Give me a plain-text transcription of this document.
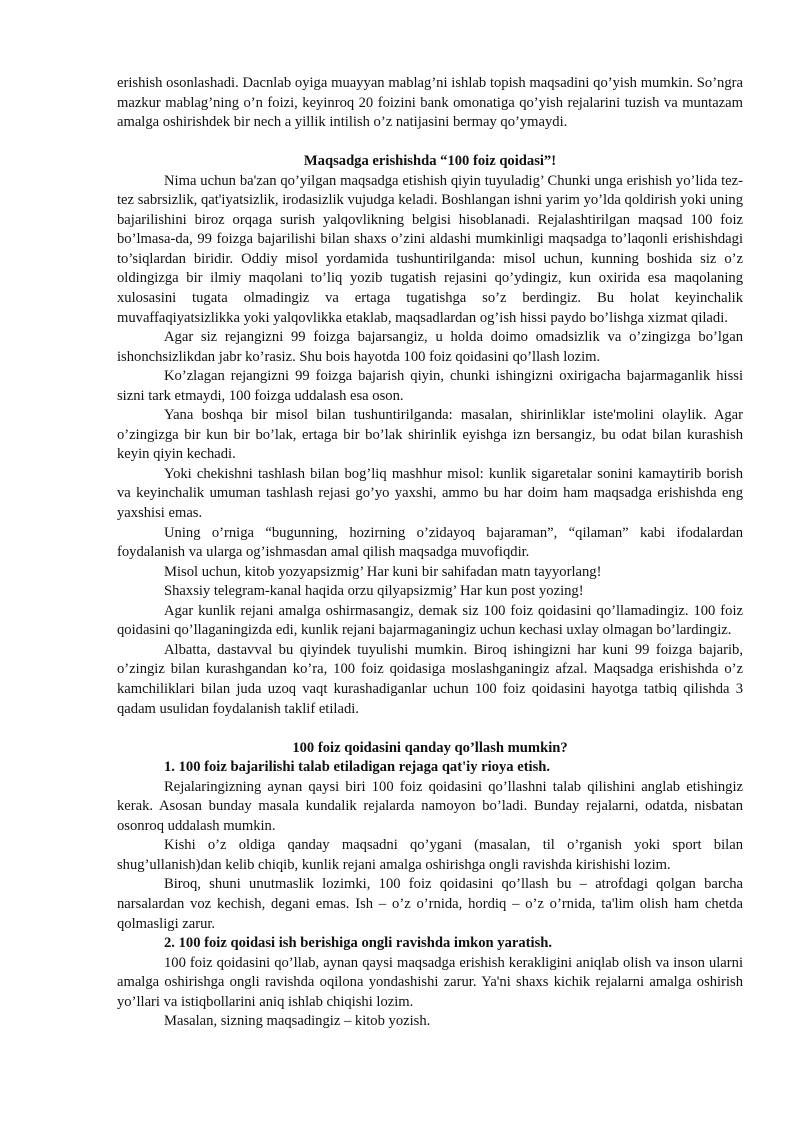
erishish osonlashadi. Dacnlab oyiga muayyan mablag’ni ishlab topish maqsadini qo’yish mumkin. So’ngra mazkur mablag’ning o’n foizi, keyinroq 20 foizini bank omonatiga qo’yish rejalarini tuzish va muntazam amalga oshirishdek bir nech a yillik intilish o’z natijasini bermay qo’ymaydi.

Maqsadga erishishda “100 foiz qoidasi”!

Nima uchun ba'zan qo’yilgan maqsadga etishish qiyin tuyuladig’ Chunki unga erishish yo’lida tez-tez sabrsizlik, qat'iyatsizlik, irodasizlik vujudga keladi. Boshlangan ishni yarim yo’lda qoldirish yoki uning bajarilishini biroz orqaga surish yalqovlikning belgisi hisoblanadi. Rejalashtirilgan maqsad 100 foiz bo’lmasa-da, 99 foizga bajarilishi bilan shaxs o’zini aldashi mumkinligi maqsadga to’laqonli erishishdagi to’siqlardan biridir. Oddiy misol yordamida tushuntirilganda: misol uchun, kunning boshida siz o’z oldingizga bir ilmiy maqolani to’liq yozib tugatish rejasini qo’ydingiz, kun oxirida esa maqolaning xulosasini tugata olmadingiz va ertaga tugatishga so’z berdingiz. Bu holat keyinchalik muvaffaqiyatsizlikka yoki yalqovlikka etaklab, maqsadlardan og’ish hissi paydo bo’lishga xizmat qiladi.

Agar siz rejangizni 99 foizga bajarsangiz, u holda doimo omadsizlik va o’zingizga bo’lgan ishonchsizlikdan jabr ko’rasiz. Shu bois hayotda 100 foiz qoidasini qo’llash lozim.

Ko’zlagan rejangizni 99 foizga bajarish qiyin, chunki ishingizni oxirigacha bajarmaganlik hissi sizni tark etmaydi, 100 foizga uddalash esa oson.

Yana boshqa bir misol bilan tushuntirilganda: masalan, shirinliklar iste'molini olaylik. Agar o’zingizga bir kun bir bo’lak, ertaga bir bo’lak shirinlik eyishga izn bersangiz, bu odat bilan kurashish keyin qiyin kechadi.

Yoki chekishni tashlash bilan bog’liq mashhur misol: kunlik sigaretalar sonini kamaytirib borish va keyinchalik umuman tashlash rejasi go’yo yaxshi, ammo bu har doim ham maqsadga erishishda eng yaxshisi emas.

Uning o’rniga “bugunning, hozirning o’zidayoq bajaraman”, “qilaman” kabi ifodalardan foydalanish va ularga og’ishmasdan amal qilish maqsadga muvofiqdir.

Misol uchun, kitob yozyapsizmig’ Har kuni bir sahifadan matn tayyorlang!

Shaxsiy telegram-kanal haqida orzu qilyapsizmig’ Har kun post yozing!

Agar kunlik rejani amalga oshirmasangiz, demak siz 100 foiz qoidasini qo’llamadingiz. 100 foiz qoidasini qo’llaganingizda edi, kunlik rejani bajarmaganingiz uchun kechasi uxlay olmagan bo’lardingiz.

Albatta, dastavval bu qiyindek tuyulishi mumkin. Biroq ishingizni har kuni 99 foizga bajarib, o’zingiz bilan kurashgandan ko’ra, 100 foiz qoidasiga moslashganingiz afzal. Maqsadga erishishda o’z kamchiliklari bilan juda uzoq vaqt kurashadiganlar uchun 100 foiz qoidasini hayotga tatbiq qilishda 3 qadam usulidan foydalanish taklif etiladi.

100 foiz qoidasini qanday qo’llash mumkin?
1. 100 foiz bajarilishi talab etiladigan rejaga qat'iy rioya etish.

Rejalaringizning aynan qaysi biri 100 foiz qoidasini qo’llashni talab qilishini anglab etishingiz kerak. Asosan bunday masala kundalik rejalarda namoyon bo’ladi. Bunday rejalarni, odatda, nisbatan osonroq uddalash mumkin.

Kishi o’z oldiga qanday maqsadni qo’ygani (masalan, til o’rganish yoki sport bilan shug’ullanish)dan kelib chiqib, kunlik rejani amalga oshirishga ongli ravishda kirishishi lozim.

Biroq, shuni unutmaslik lozimki, 100 foiz qoidasini qo’llash bu – atrofdagi qolgan barcha narsalardan voz kechish, degani emas. Ish – o’z o’rnida, hordiq – o’z o’rnida, ta'lim olish ham chetda qolmasligi zarur.

2. 100 foiz qoidasi ish berishiga ongli ravishda imkon yaratish.

100 foiz qoidasini qo’llab, aynan qaysi maqsadga erishish kerakligini aniqlab olish va inson ularni amalga oshirishga ongli ravishda oqilona yondashishi zarur. Ya'ni shaxs kichik rejalarni amalga oshirish yo’llari va istiqbollarini aniq ishlab chiqishi lozim.

Masalan, sizning maqsadingiz – kitob yozish.
